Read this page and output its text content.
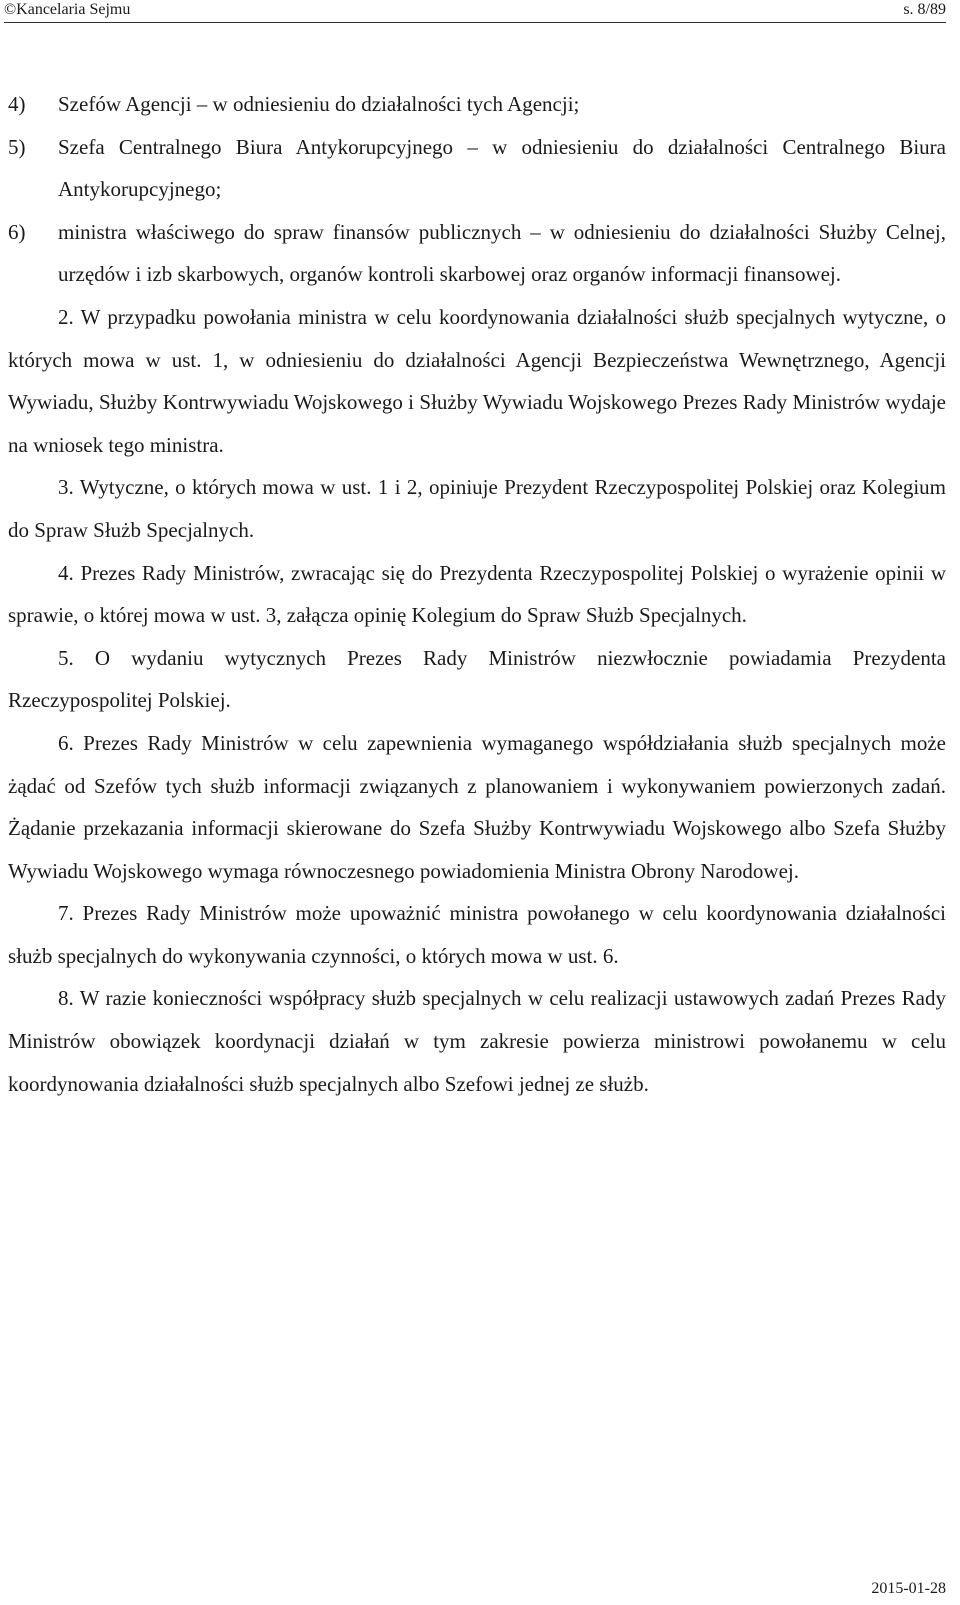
©Kancelaria Sejmu	s. 8/89

4) Szefów Agencji – w odniesieniu do działalności tych Agencji;

5) Szefa Centralnego Biura Antykorupcyjnego – w odniesieniu do działalności Centralnego Biura Antykorupcyjnego;

6) ministra właściwego do spraw finansów publicznych – w odniesieniu do działalności Służby Celnej, urzędów i izb skarbowych, organów kontroli skarbowej oraz organów informacji finansowej.

2. W przypadku powołania ministra w celu koordynowania działalności służb specjalnych wytyczne, o których mowa w ust. 1, w odniesieniu do działalności Agencji Bezpieczeństwa Wewnętrznego, Agencji Wywiadu, Służby Kontrwywiadu Wojskowego i Służby Wywiadu Wojskowego Prezes Rady Ministrów wydaje na wniosek tego ministra.

3. Wytyczne, o których mowa w ust. 1 i 2, opiniuje Prezydent Rzeczypospolitej Polskiej oraz Kolegium do Spraw Służb Specjalnych.

4. Prezes Rady Ministrów, zwracając się do Prezydenta Rzeczypospolitej Polskiej o wyrażenie opinii w sprawie, o której mowa w ust. 3, załącza opinię Kolegium do Spraw Służb Specjalnych.

5. O wydaniu wytycznych Prezes Rady Ministrów niezwłocznie powiadamia Prezydenta Rzeczypospolitej Polskiej.

6. Prezes Rady Ministrów w celu zapewnienia wymaganego współdziałania służb specjalnych może żądać od Szefów tych służb informacji związanych z planowaniem i wykonywaniem powierzonych zadań. Żądanie przekazania informacji skierowane do Szefa Służby Kontrwywiadu Wojskowego albo Szefa Służby Wywiadu Wojskowego wymaga równoczesnego powiadomienia Ministra Obrony Narodowej.

7. Prezes Rady Ministrów może upoważnić ministra powołanego w celu koordynowania działalności służb specjalnych do wykonywania czynności, o których mowa w ust. 6.

8. W razie konieczności współpracy służb specjalnych w celu realizacji ustawowych zadań Prezes Rady Ministrów obowiązek koordynacji działań w tym zakresie powierza ministrowi powołanemu w celu koordynowania działalności służb specjalnych albo Szefowi jednej ze służb.

2015-01-28
